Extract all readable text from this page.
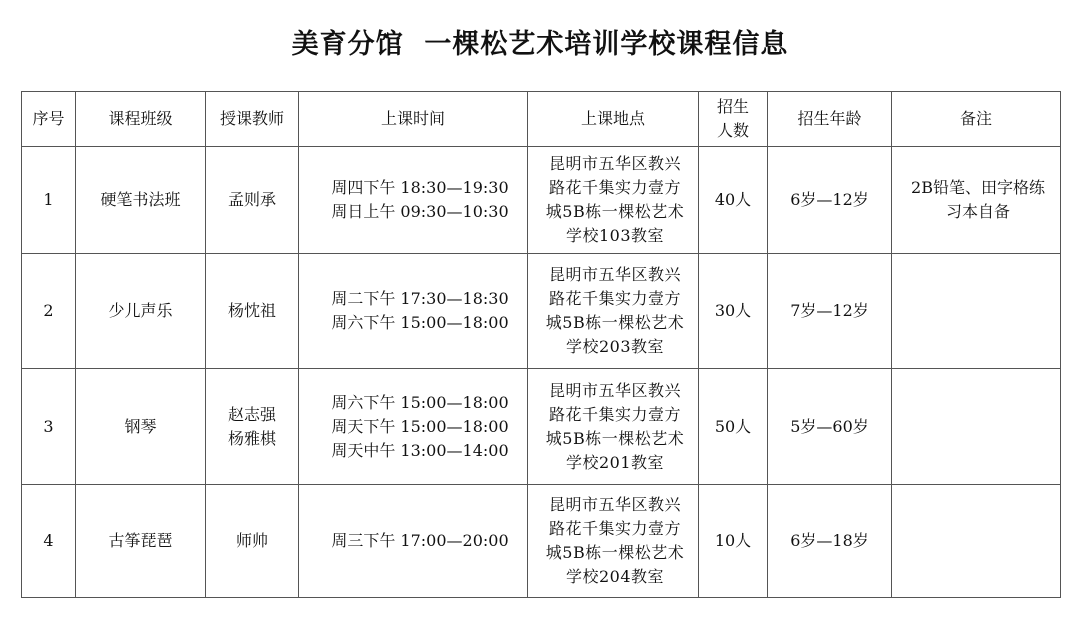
美育分馆  一棵松艺术培训学校课程信息
序号	课程班级	授课教师	上课时间	上课地点	招生
人数	招生年龄	备注
1	硬笔书法班	孟则承	周四下午 18:30—19:30
周日上午 09:30—10:30	昆明市五华区教兴
路花千集实力壹方
城5B栋一棵松艺术
学校103教室	40人	6岁—12岁	2B铅笔、田字格练习本自备
2	少儿声乐	杨忱祖	周二下午 17:30—18:30
周六下午 15:00—18:00	昆明市五华区教兴
路花千集实力壹方
城5B栋一棵松艺术
学校203教室	30人	7岁—12岁	
3	钢琴	赵志强
杨雅棋	周六下午 15:00—18:00
周天下午 15:00—18:00
周天中午 13:00—14:00	昆明市五华区教兴
路花千集实力壹方
城5B栋一棵松艺术
学校201教室	50人	5岁—60岁	
4	古筝琵琶	师帅	周三下午 17:00—20:00	昆明市五华区教兴
路花千集实力壹方
城5B栋一棵松艺术
学校204教室	10人	6岁—18岁	
